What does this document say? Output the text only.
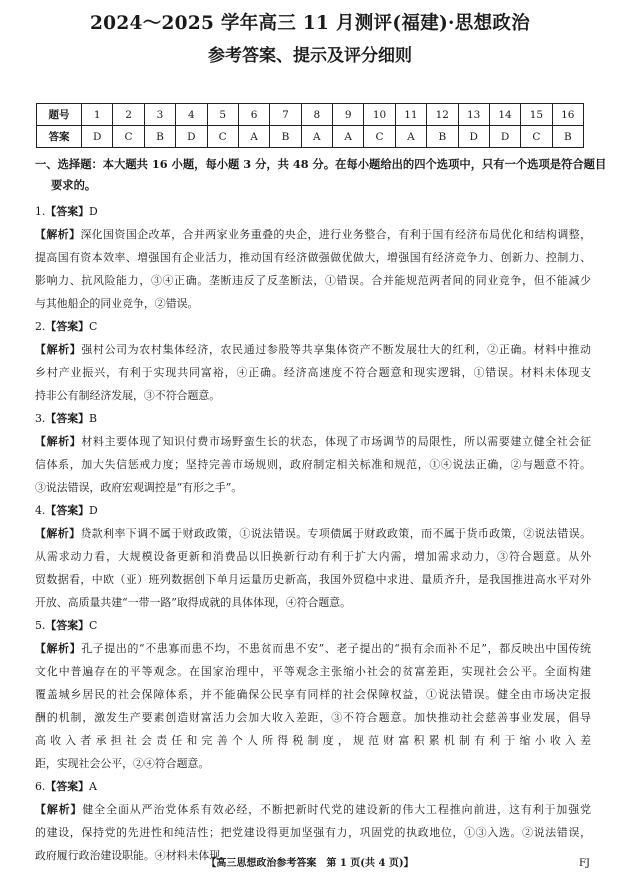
2024～2025 学年高三 11 月测评(福建)·思想政治
参考答案、提示及评分细则
题号	1	2	3	4	5	6	7	8	9	10	11	12	13	14	15	16
答案	D	C	B	D	C	A	B	A	A	C	A	B	D	D	C	B
一、选择题：本大题共 16 小题，每小题 3 分，共 48 分。在每小题给出的四个选项中，只有一个选项是符合题目
要求的。
1.【答案】D
【解析】深化国资国企改革，合并两家业务重叠的央企，进行业务整合，有利于国有经济布局优化和结构调整，
提高国有资本效率、增强国有企业活力，推动国有经济做强做优做大，增强国有经济竞争力、创新力、控制力、
影响力、抗风险能力，③④正确。垄断违反了反垄断法，①错误。合并能规范两者间的同业竞争，但不能减少
与其他船企的同业竞争，②错误。
2.【答案】C
【解析】强村公司为农村集体经济，农民通过参股等共享集体资产不断发展壮大的红利，②正确。材料中推动
乡村产业振兴，有利于实现共同富裕，④正确。经济高速度不符合题意和现实逻辑，①错误。材料未体现支
持非公有制经济发展，③不符合题意。
3.【答案】B
【解析】材料主要体现了知识付费市场野蛮生长的状态，体现了市场调节的局限性，所以需要建立健全社会征
信体系，加大失信惩戒力度；坚持完善市场规则，政府制定相关标准和规范，①④说法正确，②与题意不符。
③说法错误，政府宏观调控是“有形之手”。
4.【答案】D
【解析】贷款利率下调不属于财政政策，①说法错误。专项债属于财政政策，而不属于货币政策，②说法错误。
从需求动力看，大规模设备更新和消费品以旧换新行动有利于扩大内需，增加需求动力，③符合题意。从外
贸数据看，中欧（亚）班列数据创下单月运量历史新高，我国外贸稳中求进、量质齐升，是我国推进高水平对外
开放、高质量共建“一带一路”取得成就的具体体现，④符合题意。
5.【答案】C
【解析】孔子提出的“不患寡而患不均，不患贫而患不安”、老子提出的“损有余而补不足”，都反映出中国传统
文化中普遍存在的平等观念。在国家治理中，平等观念主张缩小社会的贫富差距，实现社会公平。全面构建
覆盖城乡居民的社会保障体系，并不能确保公民享有同样的社会保障权益，①说法错误。健全由市场决定报
酬的机制，激发生产要素创造财富活力会加大收入差距，③不符合题意。加快推动社会慈善事业发展，倡导
高收入者承担社会责任和完善个人所得税制度，规范财富积累机制有利于缩小收入差
距，实现社会公平，②④符合题意。
6.【答案】A
【解析】健全全面从严治党体系有效必经，不断把新时代党的建设新的伟大工程推向前进，这有利于加强党
的建设，保持党的先进性和纯洁性；把党建设得更加坚强有力，巩固党的执政地位，①③入选。②说法错误，
政府履行政治建设职能。④材料未体现。
【高三思想政治参考答案　第 1 页(共 4 页)】	FJ
